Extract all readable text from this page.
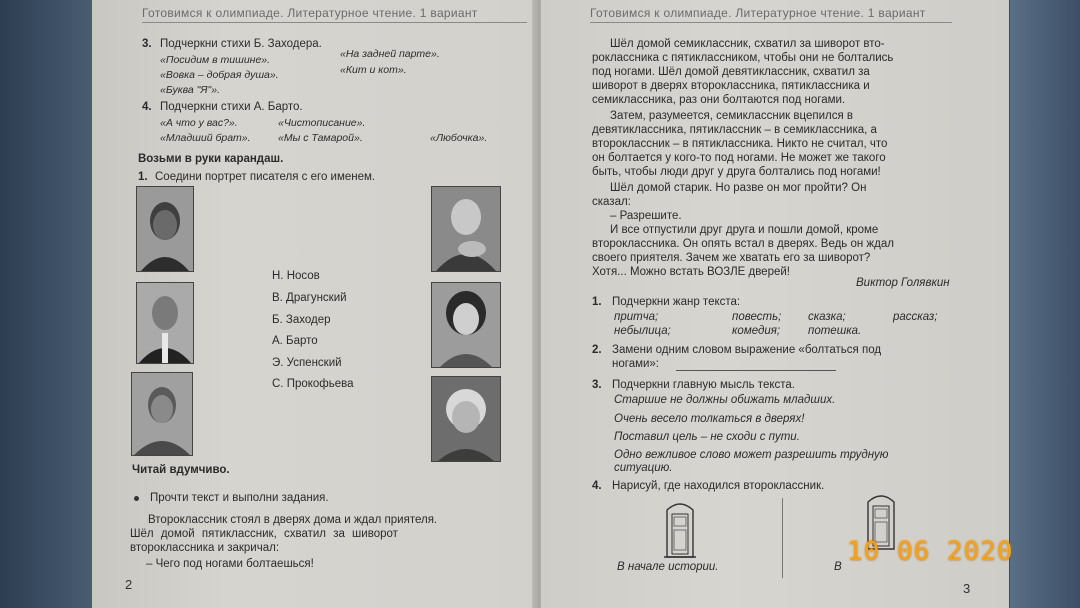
Готовимся к олимпиаде. Литературное чтение. 1 вариант
3. Подчеркни стихи Б. Заходера.
«Посидим в тишине».
«Вовка – добрая душа».
«Буква "Я"».
«На задней парте».
«Кит и кот».
4. Подчеркни стихи А. Барто.
«А что у вас?».	«Чистописание».
«Младший брат».	«Мы с Тамарой».	«Любочка».
Возьми в руки карандаш.
1. Соедини портрет писателя с его именем.
Н. Носов
В. Драгунский
Б. Заходер
А. Барто
Э. Успенский
С. Прокофьева
Читай вдумчиво.
Прочти текст и выполни задания.
Второклассник стоял в дверях дома и ждал приятеля.
Шёл домой пятиклассник, схватил за шиворот
второклассника и закричал:
– Чего под ногами болтаешься!
2
Готовимся к олимпиаде. Литературное чтение. 1 вариант
Шёл домой семиклассник, схватил за шиворот вто-
роклассника с пятиклассником, чтобы они не болтались
под ногами. Шёл домой девятиклассник, схватил за
шиворот в дверях второклассника, пятиклассника и
семиклассника, раз они болтаются под ногами.
Затем, разумеется, семиклассник вцепился в
девятиклассника, пятиклассник – в семиклассника, а
второклассник – в пятиклассника. Никто не считал, что
он болтается у кого-то под ногами. Не может же такого
быть, чтобы люди друг у друга болтались под ногами!
Шёл домой старик. Но разве он мог пройти? Он
сказал:
– Разрешите.
И все отпустили друг друга и пошли домой, кроме
второклассника. Он опять встал в дверях. Ведь он ждал
своего приятеля. Зачем же хватать его за шиворот?
Хотя... Можно встать ВОЗЛЕ дверей!
Виктор Голявкин
1. Подчеркни жанр текста:
притча;	повесть; сказка;	рассказ;
небылица;	комедия; потешка.
2. Замени одним словом выражение «болтаться под
ногами»:
3. Подчеркни главную мысль текста.
Старшие не должны обижать младших.
Очень весело толкаться в дверях!
Поставил цель – не сходи с пути.
Одно вежливое слово может разрешить трудную
ситуацию.
4. Нарисуй, где находился второклассник.
В начале истории.	В
3
10 06 2020
